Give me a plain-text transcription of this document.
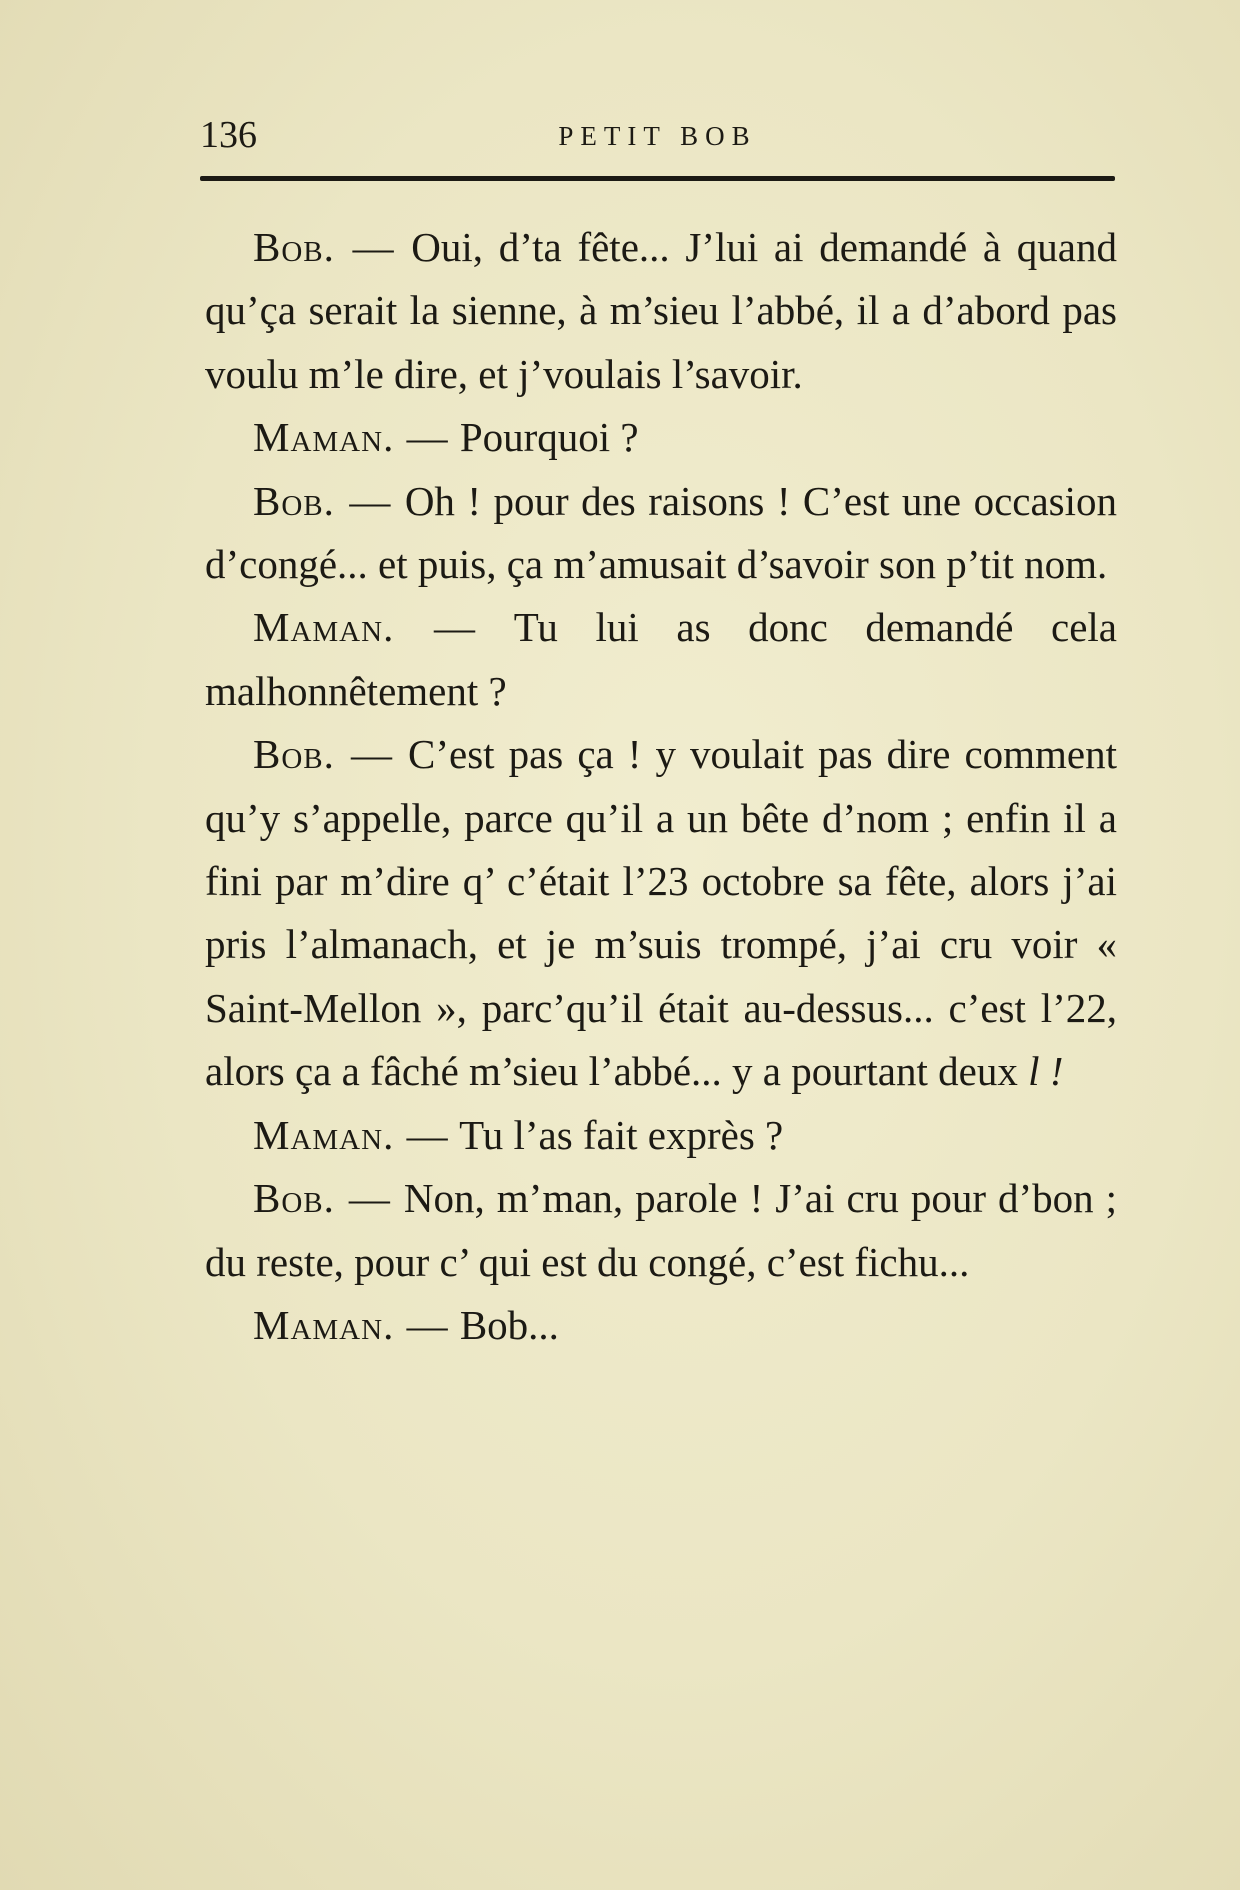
136	PETIT BOB

Bob. — Oui, d’ta fête... J’lui ai demandé à quand qu’ça serait la sienne, à m’sieu l’abbé, il a d’abord pas voulu m’le dire, et j’voulais l’savoir.

Maman. — Pourquoi ?

Bob. — Oh ! pour des raisons ! C’est une occasion d’congé... et puis, ça m’amusait d’savoir son p’tit nom.

Maman. — Tu lui as donc demandé cela malhonnêtement ?

Bob. — C’est pas ça ! y voulait pas dire comment qu’y s’appelle, parce qu’il a un bête d’nom ; enfin il a fini par m’dire q’ c’était l’23 octobre sa fête, alors j’ai pris l’almanach, et je m’suis trompé, j’ai cru voir « Saint-Mellon », parc’qu’il était au-dessus... c’est l’22, alors ça a fâché m’sieu l’abbé... y a pourtant deux l !

Maman. — Tu l’as fait exprès ?

Bob. — Non, m’man, parole ! J’ai cru pour d’bon ; du reste, pour c’ qui est du congé, c’est fichu...

Maman. — Bob...
